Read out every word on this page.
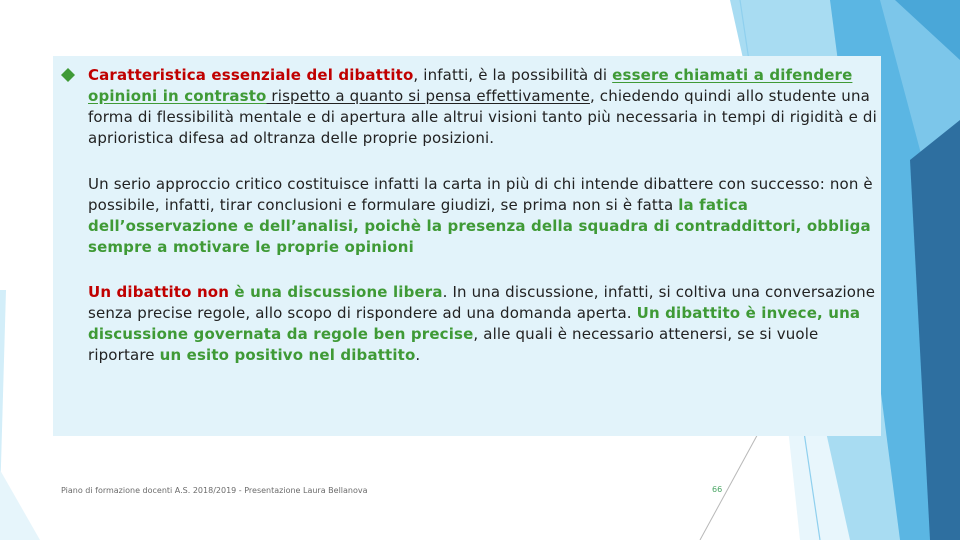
Caratteristica essenziale del dibattito, infatti, è la possibilità di essere chiamati a difendere opinioni in contrasto rispetto a quanto si pensa effettivamente, chiedendo quindi allo studente una forma di flessibilità mentale e di apertura alle altrui visioni tanto più necessaria in tempi di rigidità e di aprioristica difesa ad oltranza delle proprie posizioni.

Un serio approccio critico costituisce infatti la carta in più di chi intende dibattere con successo: non è possibile, infatti, tirar conclusioni e formulare giudizi, se prima non si è fatta la fatica dell’osservazione e dell’analisi, poichè la presenza della squadra di contraddittori, obbliga sempre a motivare le proprie opinioni

Un dibattito non è una discussione libera. In una discussione, infatti, si coltiva una conversazione senza precise regole, allo scopo di rispondere ad una domanda aperta. Un dibattito è invece, una discussione governata da regole ben precise, alle quali è necessario attenersi, se si vuole riportare un esito positivo nel dibattito.

Piano di formazione docenti A.S. 2018/2019 - Presentazione Laura Bellanova	66
